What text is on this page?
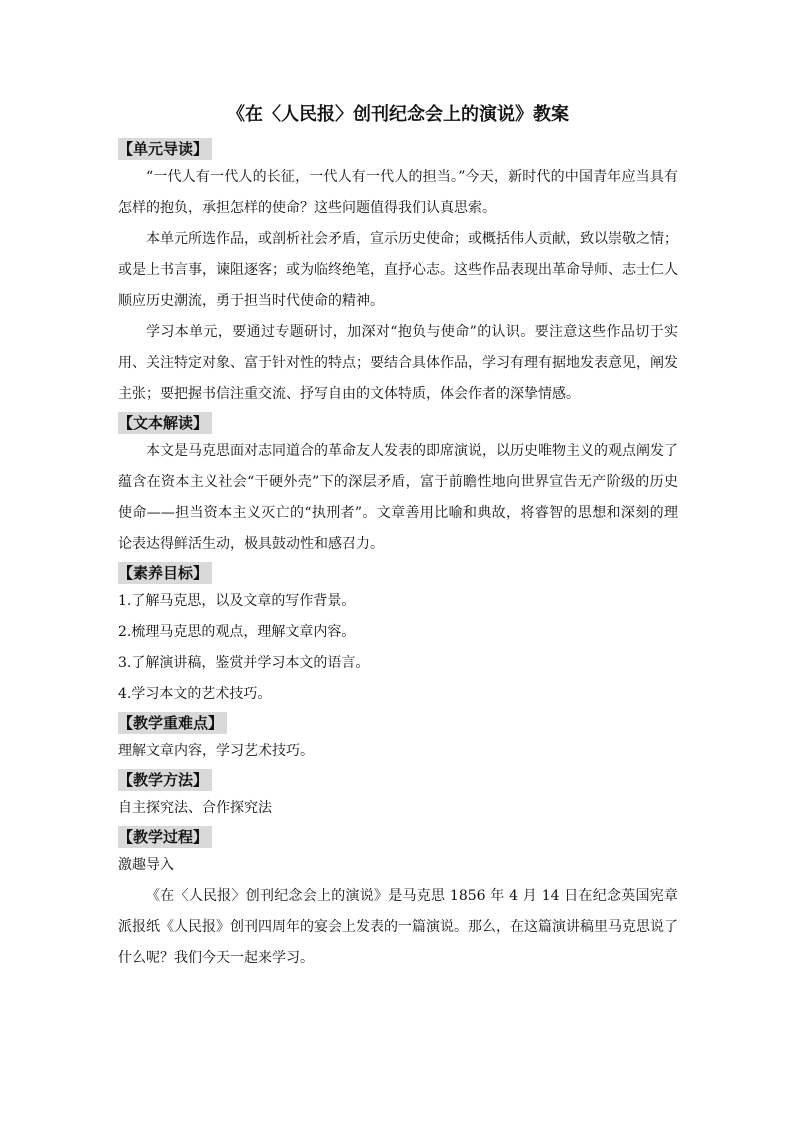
《在〈人民报〉创刊纪念会上的演说》教案
【单元导读】

“一代人有一代人的长征，一代人有一代人的担当。”今天，新时代的中国青年应当具有怎样的抱负，承担怎样的使命？这些问题值得我们认真思索。

本单元所选作品，或剖析社会矛盾，宣示历史使命；或概括伟人贡献，致以崇敬之情；或是上书言事，谏阻逐客；或为临终绝笔，直抒心志。这些作品表现出革命导师、志士仁人顺应历史潮流，勇于担当时代使命的精神。

学习本单元，要通过专题研讨，加深对“抱负与使命”的认识。要注意这些作品切于实用、关注特定对象、富于针对性的特点；要结合具体作品，学习有理有据地发表意见，阐发主张；要把握书信注重交流、抒写自由的文体特质，体会作者的深挚情感。

【文本解读】

本文是马克思面对志同道合的革命友人发表的即席演说，以历史唯物主义的观点阐发了蕴含在资本主义社会“干硬外壳”下的深层矛盾，富于前瞻性地向世界宣告无产阶级的历史使命——担当资本主义灭亡的“执刑者”。文章善用比喻和典故，将睿智的思想和深刻的理论表达得鲜活生动，极具鼓动性和感召力。

【素养目标】

1.了解马克思，以及文章的写作背景。

2.梳理马克思的观点，理解文章内容。

3.了解演讲稿，鉴赏并学习本文的语言。

4.学习本文的艺术技巧。

【教学重难点】

理解文章内容，学习艺术技巧。

【教学方法】

自主探究法、合作探究法

【教学过程】

激趣导入

《在〈人民报〉创刊纪念会上的演说》是马克思 1856 年 4 月 14 日在纪念英国宪章派报纸《人民报》创刊四周年的宴会上发表的一篇演说。那么，在这篇演讲稿里马克思说了什么呢？我们今天一起来学习。
